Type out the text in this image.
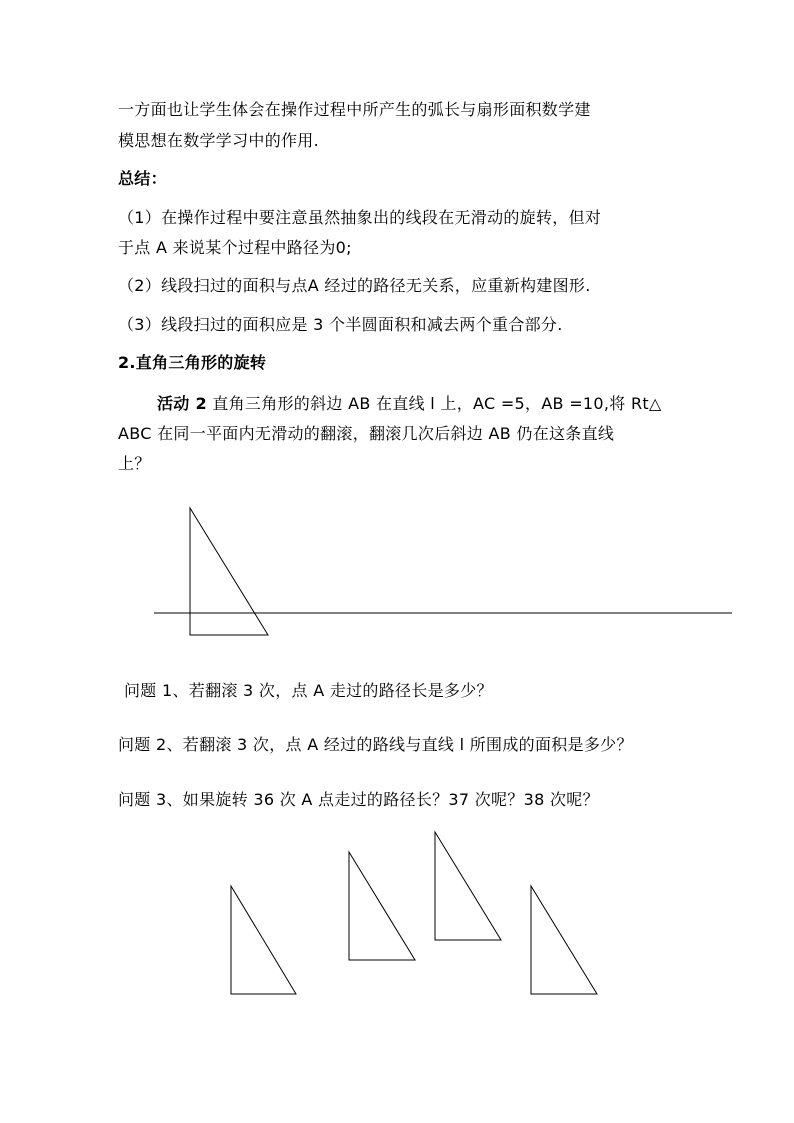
一方面也让学生体会在操作过程中所产生的弧长与扇形面积数学建
模思想在数学学习中的作用.
总结：
（1）在操作过程中要注意虽然抽象出的线段在无滑动的旋转，但对
于点 A 来说某个过程中路径为0;
（2）线段扫过的面积与点A 经过的路径无关系，应重新构建图形.
（3）线段扫过的面积应是 3 个半圆面积和减去两个重合部分.
2.直角三角形的旋转
活动 2 直角三角形的斜边 AB 在直线 l 上，AC =5，AB =10,将 Rt△
ABC 在同一平面内无滑动的翻滚，翻滚几次后斜边 AB 仍在这条直线
上？
问题 1、若翻滚 3 次，点 A 走过的路径长是多少？
问题 2、若翻滚 3 次，点 A 经过的路线与直线 l 所围成的面积是多少？
问题 3、如果旋转 36 次 A 点走过的路径长？37 次呢？38 次呢？
